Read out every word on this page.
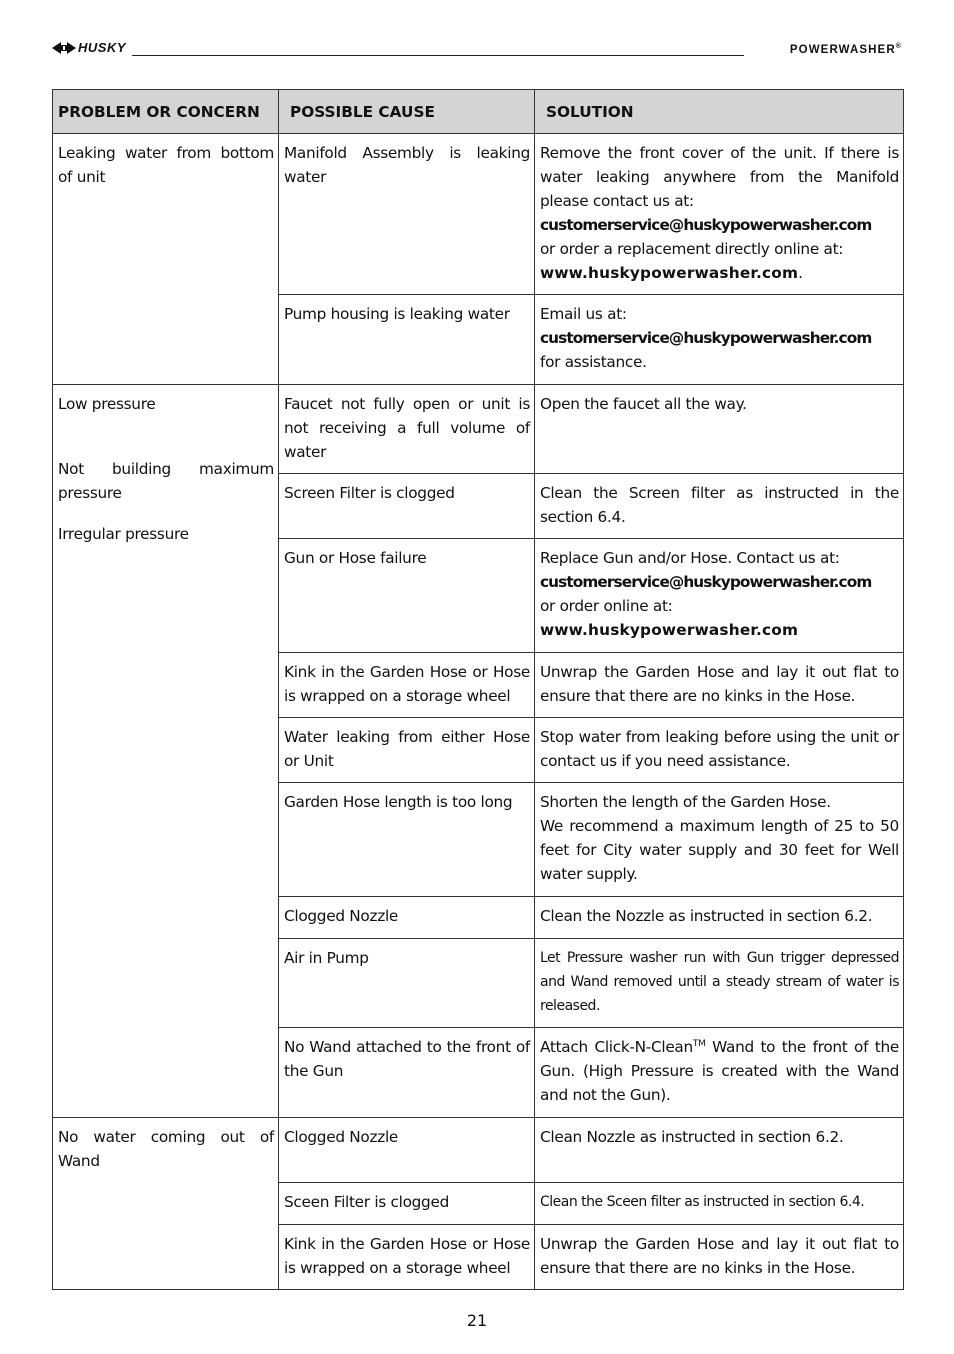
HUSKY	POWERWASHER®
PROBLEM OR CONCERN	POSSIBLE CAUSE	SOLUTION
Leaking water from bottom of unit	Manifold Assembly is leaking water	Remove the front cover of the unit. If there is water leaking anywhere from the Manifold please contact us at:
customerservice@huskypowerwasher.com
or order a replacement directly online at:
www.huskypowerwasher.com.
	Pump housing is leaking water	Email us at:
customerservice@huskypowerwasher.com
for assistance.
Low pressure

Not building maximum pressure

Irregular pressure	Faucet not fully open or unit is not receiving a full volume of water	Open the faucet all the way.
	Screen Filter is clogged	Clean the Screen filter as instructed in the section 6.4.
	Gun or Hose failure	Replace Gun and/or Hose. Contact us at:
customerservice@huskypowerwasher.com
or order online at:
www.huskypowerwasher.com
	Kink in the Garden Hose or Hose is wrapped on a storage wheel	Unwrap the Garden Hose and lay it out flat to ensure that there are no kinks in the Hose.
	Water leaking from either Hose or Unit	Stop water from leaking before using the unit or contact us if you need assistance.
	Garden Hose length is too long	Shorten the length of the Garden Hose.
We recommend a maximum length of 25 to 50 feet for City water supply and 30 feet for Well water supply.
	Clogged Nozzle	Clean the Nozzle as instructed in section 6.2.
	Air in Pump	Let Pressure washer run with Gun trigger depressed and Wand removed until a steady stream of water is released.
	No Wand attached to the front of the Gun	Attach Click-N-Clean™ Wand to the front of the Gun. (High Pressure is created with the Wand and not the Gun).
No water coming out of Wand	Clogged Nozzle	Clean Nozzle as instructed in section 6.2.
	Sceen Filter is clogged	Clean the Sceen filter as instructed in section 6.4.
	Kink in the Garden Hose or Hose is wrapped on a storage wheel	Unwrap the Garden Hose and lay it out flat to ensure that there are no kinks in the Hose.
21
